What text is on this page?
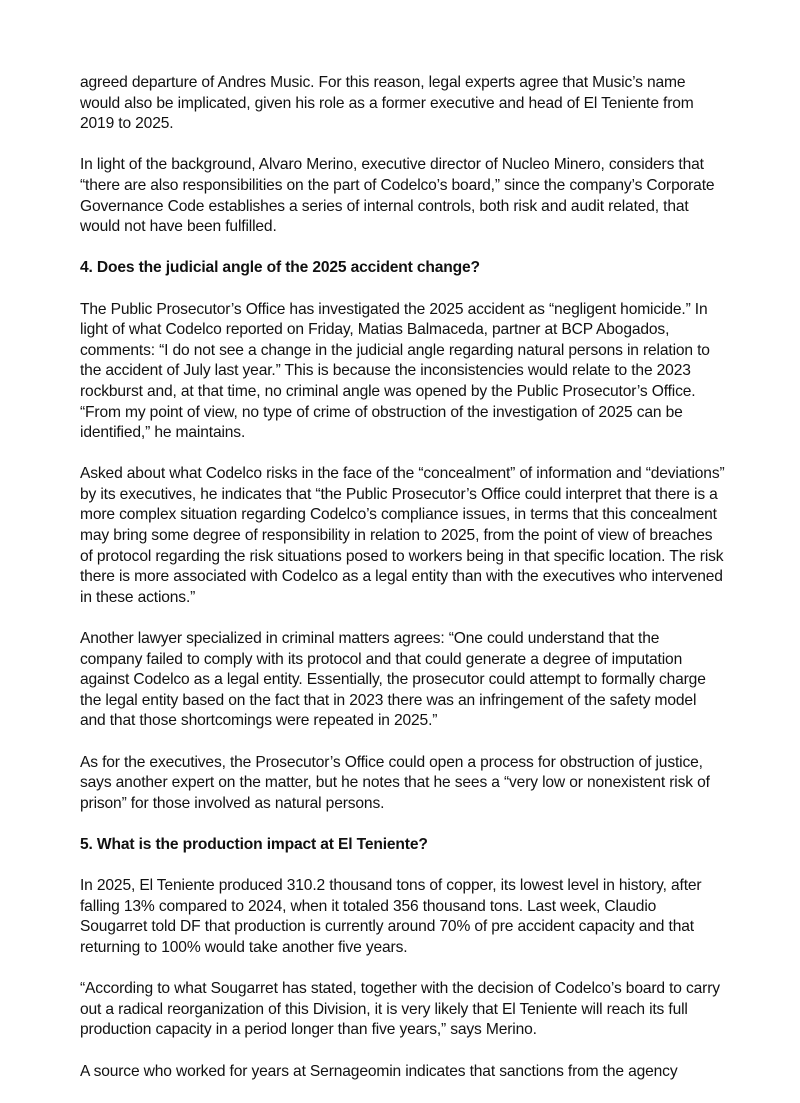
agreed departure of Andres Music. For this reason, legal experts agree that Music’s name would also be implicated, given his role as a former executive and head of El Teniente from 2019 to 2025.

In light of the background, Alvaro Merino, executive director of Nucleo Minero, considers that “there are also responsibilities on the part of Codelco’s board,” since the company’s Corporate Governance Code establishes a series of internal controls, both risk and audit related, that would not have been fulfilled.

4. Does the judicial angle of the 2025 accident change?

The Public Prosecutor’s Office has investigated the 2025 accident as “negligent homicide.” In light of what Codelco reported on Friday, Matias Balmaceda, partner at BCP Abogados, comments: “I do not see a change in the judicial angle regarding natural persons in relation to the accident of July last year.” This is because the inconsistencies would relate to the 2023 rockburst and, at that time, no criminal angle was opened by the Public Prosecutor’s Office. “From my point of view, no type of crime of obstruction of the investigation of 2025 can be identified,” he maintains.

Asked about what Codelco risks in the face of the “concealment” of information and “deviations” by its executives, he indicates that “the Public Prosecutor’s Office could interpret that there is a more complex situation regarding Codelco’s compliance issues, in terms that this concealment may bring some degree of responsibility in relation to 2025, from the point of view of breaches of protocol regarding the risk situations posed to workers being in that specific location. The risk there is more associated with Codelco as a legal entity than with the executives who intervened in these actions.”

Another lawyer specialized in criminal matters agrees: “One could understand that the company failed to comply with its protocol and that could generate a degree of imputation against Codelco as a legal entity. Essentially, the prosecutor could attempt to formally charge the legal entity based on the fact that in 2023 there was an infringement of the safety model and that those shortcomings were repeated in 2025.”

As for the executives, the Prosecutor’s Office could open a process for obstruction of justice, says another expert on the matter, but he notes that he sees a “very low or nonexistent risk of prison” for those involved as natural persons.

5. What is the production impact at El Teniente?

In 2025, El Teniente produced 310.2 thousand tons of copper, its lowest level in history, after falling 13% compared to 2024, when it totaled 356 thousand tons. Last week, Claudio Sougarret told DF that production is currently around 70% of pre accident capacity and that returning to 100% would take another five years.

“According to what Sougarret has stated, together with the decision of Codelco’s board to carry out a radical reorganization of this Division, it is very likely that El Teniente will reach its full production capacity in a period longer than five years,” says Merino.

A source who worked for years at Sernageomin indicates that sanctions from the agency
